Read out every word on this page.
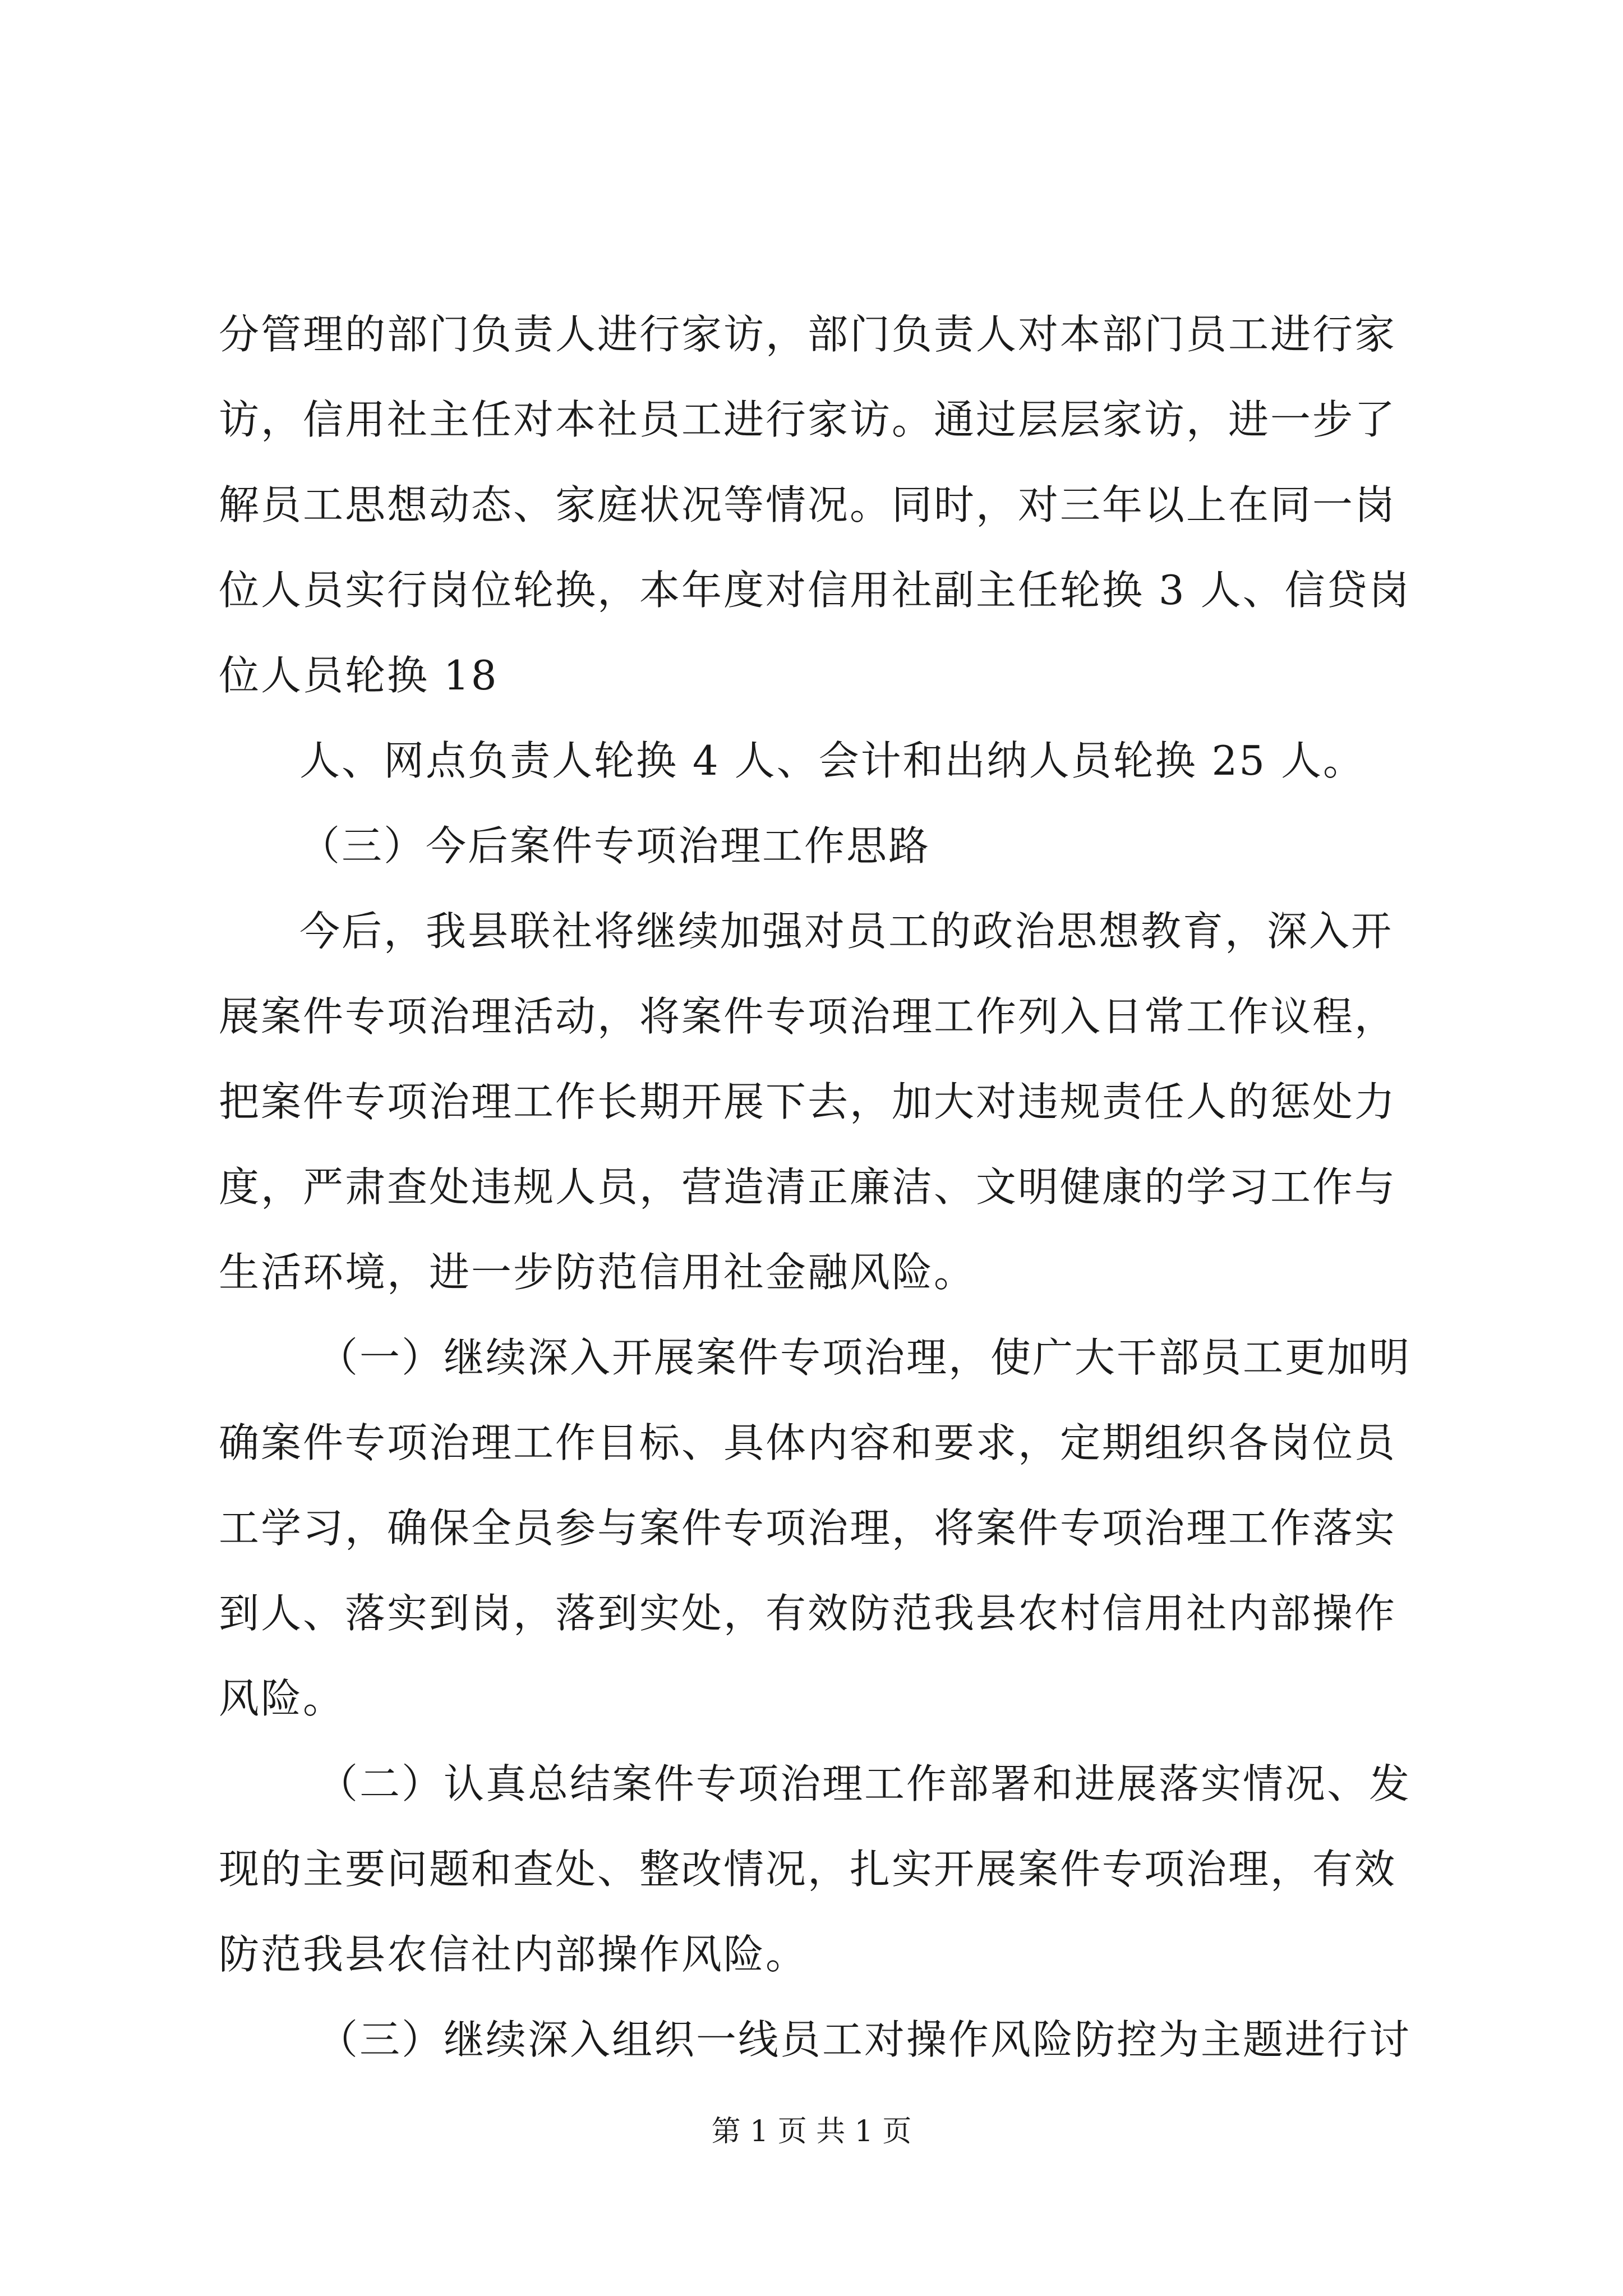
分管理的部门负责人进行家访，部门负责人对本部门员工进行家
访，信用社主任对本社员工进行家访。通过层层家访，进一步了
解员工思想动态、家庭状况等情况。同时，对三年以上在同一岗
位人员实行岗位轮换，本年度对信用社副主任轮换 3 人、信贷岗
位人员轮换 18
人、网点负责人轮换 4 人、会计和出纳人员轮换 25 人。
（三）今后案件专项治理工作思路
今后，我县联社将继续加强对员工的政治思想教育，深入开
展案件专项治理活动，将案件专项治理工作列入日常工作议程，
把案件专项治理工作长期开展下去，加大对违规责任人的惩处力
度，严肃查处违规人员，营造清正廉洁、文明健康的学习工作与
生活环境，进一步防范信用社金融风险。
（一）继续深入开展案件专项治理，使广大干部员工更加明
确案件专项治理工作目标、具体内容和要求，定期组织各岗位员
工学习，确保全员参与案件专项治理，将案件专项治理工作落实
到人、落实到岗，落到实处，有效防范我县农村信用社内部操作
风险。
（二）认真总结案件专项治理工作部署和进展落实情况、发
现的主要问题和查处、整改情况，扎实开展案件专项治理，有效
防范我县农信社内部操作风险。
（三）继续深入组织一线员工对操作风险防控为主题进行讨
第 1 页 共 1 页
